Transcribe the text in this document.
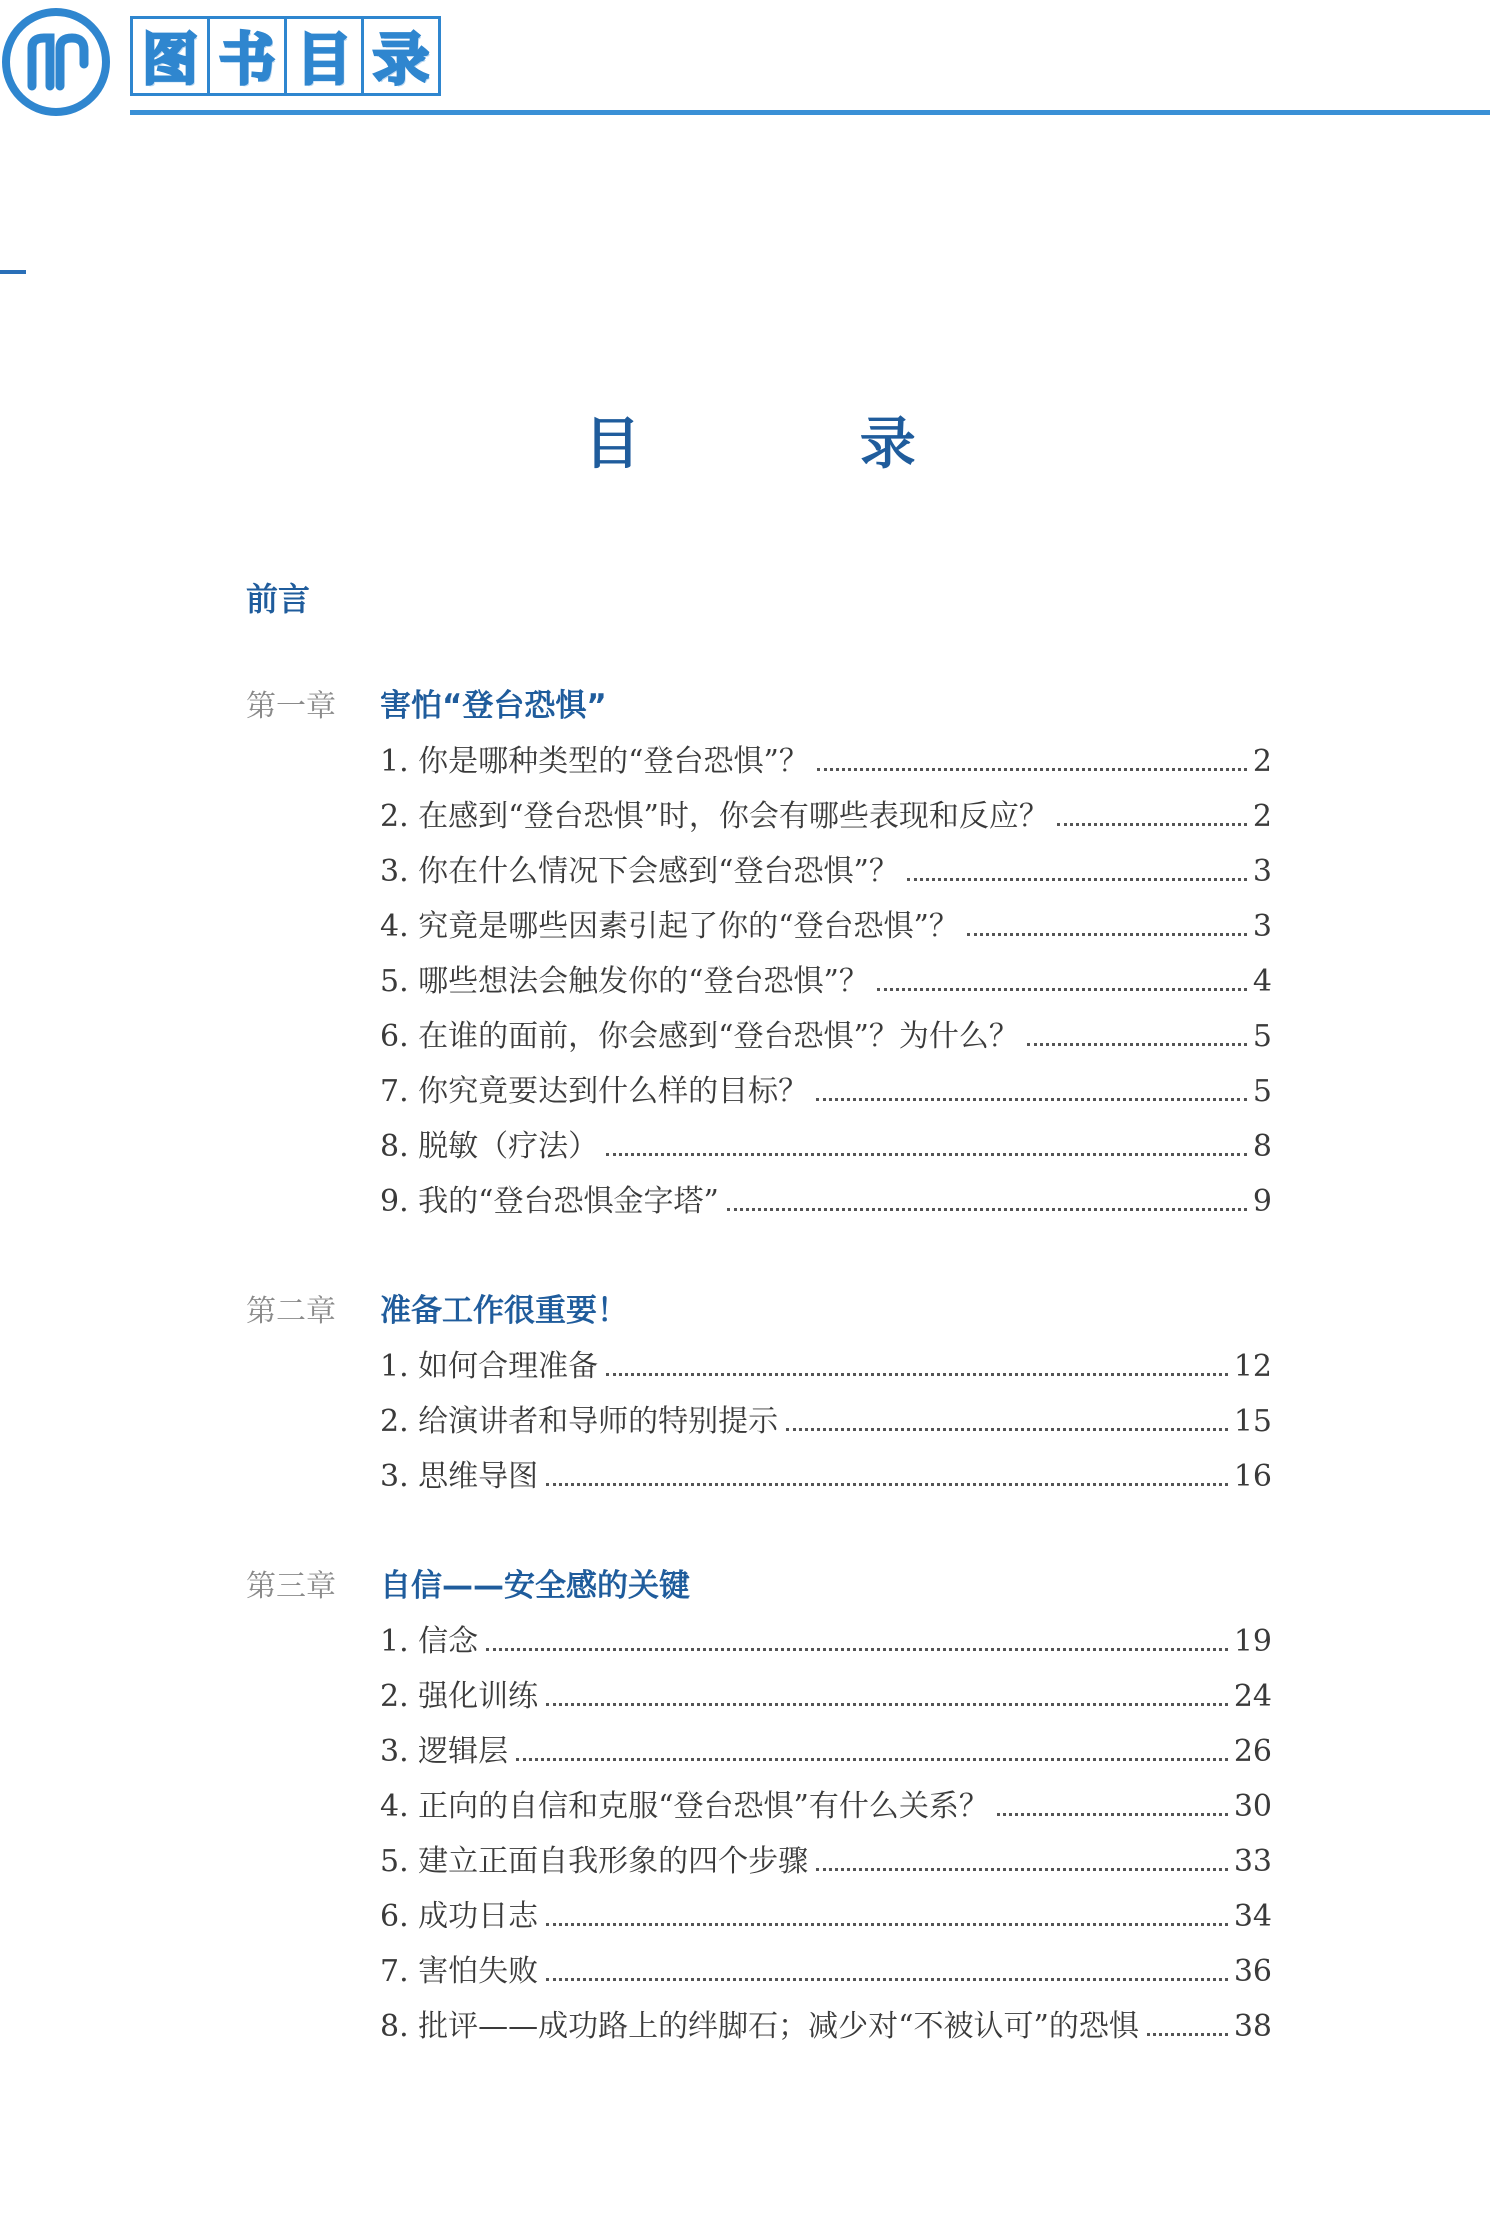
图 书 目 录
目 录
前言
第一章	害怕“登台恐惧”
1. 你是哪种类型的“登台恐惧”？	2
2. 在感到“登台恐惧”时，你会有哪些表现和反应？	2
3. 你在什么情况下会感到“登台恐惧”？	3
4. 究竟是哪些因素引起了你的“登台恐惧”？	3
5. 哪些想法会触发你的“登台恐惧”？	4
6. 在谁的面前，你会感到“登台恐惧”？为什么？	5
7. 你究竟要达到什么样的目标？	5
8. 脱敏（疗法）	8
9. 我的“登台恐惧金字塔”	9
第二章	准备工作很重要！
1. 如何合理准备	12
2. 给演讲者和导师的特别提示	15
3. 思维导图	16
第三章	自信——安全感的关键
1. 信念	19
2. 强化训练	24
3. 逻辑层	26
4. 正向的自信和克服“登台恐惧”有什么关系？	30
5. 建立正面自我形象的四个步骤	33
6. 成功日志	34
7. 害怕失败	36
8. 批评——成功路上的绊脚石；减少对“不被认可”的恐惧	38
